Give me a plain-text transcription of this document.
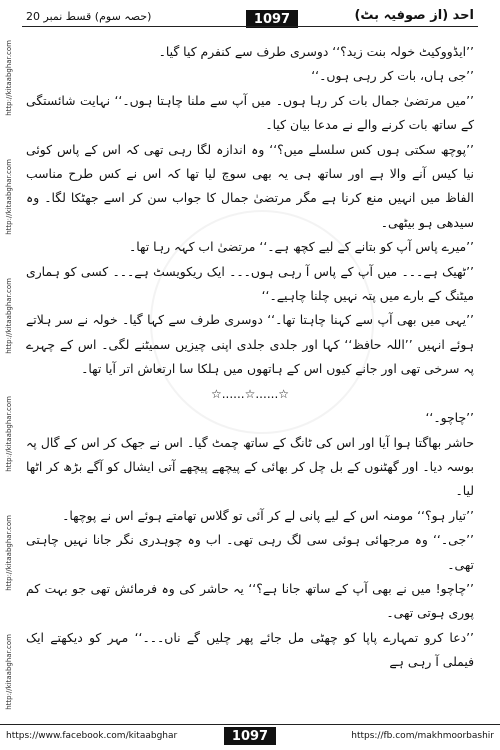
(حصہ سوم) قسط نمبر 20	1097	احد (از صوفیہ بٹ)
http://kitaabghar.com
http://kitaabghar.com
http://kitaabghar.com
http://kitaabghar.com
http://kitaabghar.com
http://kitaabghar.com

’’ایڈووکیٹ خولہ بنت زید؟‘‘ دوسری طرف سے کنفرم کیا گیا۔

’’جی ہاں، بات کر رہی ہوں۔‘‘

’’میں مرتضیٰ جمال بات کر رہا ہوں۔ میں آپ سے ملنا چاہتا ہوں۔‘‘ نہایت شائستگی کے ساتھ بات کرنے والے نے مدعا بیان کیا۔

’’پوچھ سکتی ہوں کس سلسلے میں؟‘‘ وہ اندازہ لگا رہی تھی کہ اس کے پاس کوئی نیا کیس آنے والا ہے اور ساتھ ہی یہ بھی سوچ لیا تھا کہ اس نے کس طرح مناسب الفاظ میں انہیں منع کرنا ہے مگر مرتضیٰ جمال کا جواب سن کر اسے جھٹکا لگا۔ وہ سیدھی ہو بیٹھی۔

’’میرے پاس آپ کو بتانے کے لیے کچھ ہے۔‘‘ مرتضیٰ اب کہہ رہا تھا۔

’’ٹھیک ہے۔۔۔ میں آپ کے پاس آ رہی ہوں۔۔۔ ایک ریکویسٹ ہے۔۔۔ کسی کو ہماری میٹنگ کے بارے میں پتہ نہیں چلنا چاہیے۔‘‘

’’یہی میں بھی آپ سے کہنا چاہتا تھا۔‘‘ دوسری طرف سے کہا گیا۔ خولہ نے سر ہلاتے ہوئے انہیں ’’اللہ حافظ‘‘ کہا اور جلدی جلدی اپنی چیزیں سمیٹنے لگی۔ اس کے چہرے پہ سرخی تھی اور جانے کیوں اس کے ہاتھوں میں ہلکا سا ارتعاش اتر آیا تھا۔

☆......☆......☆

’’چاچو۔‘‘

حاشر بھاگتا ہوا آیا اور اس کی ٹانگ کے ساتھ چمٹ گیا۔ اس نے جھک کر اس کے گال پہ بوسہ دیا۔ اور گھٹنوں کے بل چل کر بھائی کے پیچھے پیچھے آتی ایشال کو آگے بڑھ کر اٹھا لیا۔

’’تیار ہو؟‘‘ مومنہ اس کے لیے پانی لے کر آئی تو گلاس تھامتے ہوئے اس نے پوچھا۔

’’جی۔‘‘ وہ مرجھائی ہوئی سی لگ رہی تھی۔ اب وہ چوہدری نگر جانا نہیں چاہتی تھی۔

’’چاچو! میں نے بھی آپ کے ساتھ جانا ہے؟‘‘ یہ حاشر کی وہ فرمائش تھی جو بہت کم پوری ہوتی تھی۔

’’دعا کرو تمہارے پاپا کو چھٹی مل جائے پھر چلیں گے ناں۔۔۔‘‘ مہر کو دیکھتے ایک فیملی آ رہی ہے

https://www.facebook.com/kitaabghar	1097	https://fb.com/makhmoorbashir
